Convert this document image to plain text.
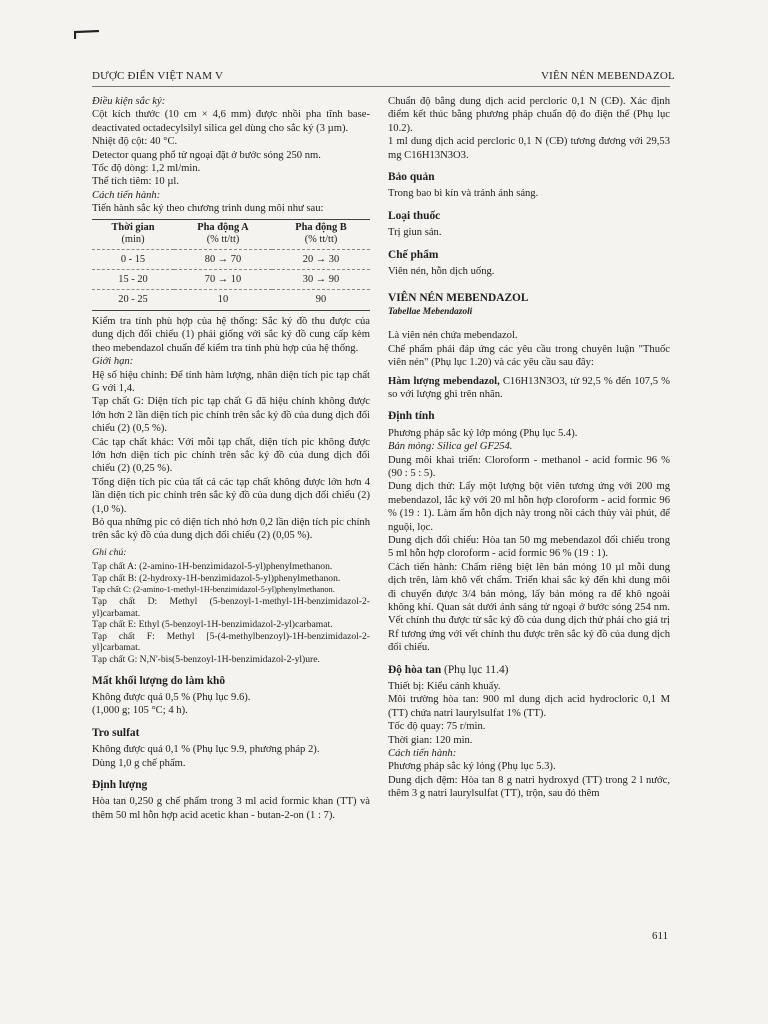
DƯỢC ĐIỂN VIỆT NAM V	VIÊN NÉN MEBENDAZOL

Điều kiện sắc ký:

Cột kích thước (10 cm × 4,6 mm) được nhồi pha tĩnh base-deactivated octadecylsilyl silica gel dùng cho sắc ký (3 µm).

Nhiệt độ cột: 40 °C.

Detector quang phổ tử ngoại đặt ở bước sóng 250 nm.

Tốc độ dòng: 1,2 ml/min.

Thể tích tiêm: 10 µl.

Cách tiến hành:

Tiến hành sắc ký theo chương trình dung môi như sau:

Thời gian	Pha động A	Pha động B
(min)	(% tt/tt)	(% tt/tt)
0 - 15	80 → 70	20 → 30
15 - 20	70 → 10	30 → 90
20 - 25	10	90

Kiểm tra tính phù hợp của hệ thống: Sắc ký đồ thu được của dung dịch đối chiếu (1) phải giống với sắc ký đồ cung cấp kèm theo mebendazol chuẩn để kiểm tra tính phù hợp của hệ thống.

Giới hạn:

Hệ số hiệu chỉnh: Để tính hàm lượng, nhân diện tích pic tạp chất G với 1,4.

Tạp chất G: Diện tích pic tạp chất G đã hiệu chỉnh không được lớn hơn 2 lần diện tích pic chính trên sắc ký đồ của dung dịch đối chiếu (2) (0,5 %).

Các tạp chất khác: Với mỗi tạp chất, diện tích pic không được lớn hơn diện tích pic chính trên sắc ký đồ của dung dịch đối chiếu (2) (0,25 %).

Tổng diện tích pic của tất cả các tạp chất không được lớn hơn 4 lần diện tích pic chính trên sắc ký đồ của dung dịch đối chiếu (2) (1,0 %).

Bỏ qua những pic có diện tích nhỏ hơn 0,2 lần diện tích pic chính trên sắc ký đồ của dung dịch đối chiếu (2) (0,05 %).

Ghi chú:

Tạp chất A: (2-amino-1H-benzimidazol-5-yl)phenylmethanon.

Tạp chất B: (2-hydroxy-1H-benzimidazol-5-yl)phenylmethanon.

Tạp chất C: (2-amino-1-methyl-1H-benzimidazol-5-yl)phenylmethanon.

Tạp chất D: Methyl (5-benzoyl-1-methyl-1H-benzimidazol-2-yl)carbamat.

Tạp chất E: Ethyl (5-benzoyl-1H-benzimidazol-2-yl)carbamat.

Tạp chất F: Methyl [5-(4-methylbenzoyl)-1H-benzimidazol-2-yl]carbamat.

Tạp chất G: N,N'-bis(5-benzoyl-1H-benzimidazol-2-yl)ure.

Mất khối lượng do làm khô

Không được quá 0,5 % (Phụ lục 9.6).

(1,000 g; 105 °C; 4 h).

Tro sulfat

Không được quá 0,1 % (Phụ lục 9.9, phương pháp 2).

Dùng 1,0 g chế phẩm.

Định lượng

Hòa tan 0,250 g chế phẩm trong 3 ml acid formic khan (TT) và thêm 50 ml hỗn hợp acid acetic khan - butan-2-on (1 : 7).

Chuẩn độ bằng dung dịch acid percloric 0,1 N (CĐ). Xác định điểm kết thúc bằng phương pháp chuẩn độ đo điện thế (Phụ lục 10.2).

1 ml dung dịch acid percloric 0,1 N (CĐ) tương đương với 29,53 mg C16H13N3O3.

Bảo quản

Trong bao bì kín và tránh ánh sáng.

Loại thuốc

Trị giun sán.

Chế phẩm

Viên nén, hỗn dịch uống.

VIÊN NÉN MEBENDAZOL

Tabellae Mebendazoli

Là viên nén chứa mebendazol.

Chế phẩm phải đáp ứng các yêu cầu trong chuyên luận "Thuốc viên nén" (Phụ lục 1.20) và các yêu cầu sau đây:

Hàm lượng mebendazol, C16H13N3O3, từ 92,5 % đến 107,5 % so với lượng ghi trên nhãn.

Định tính

Phương pháp sắc ký lớp mỏng (Phụ lục 5.4).

Bản mỏng: Silica gel GF254.

Dung môi khai triển: Cloroform - methanol - acid formic 96 % (90 : 5 : 5).

Dung dịch thử: Lấy một lượng bột viên tương ứng với 200 mg mebendazol, lắc kỹ với 20 ml hỗn hợp cloroform - acid formic 96 % (19 : 1). Làm ấm hỗn dịch này trong nồi cách thủy vài phút, để nguội, lọc.

Dung dịch đối chiếu: Hòa tan 50 mg mebendazol đối chiếu trong 5 ml hỗn hợp cloroform - acid formic 96 % (19 : 1).

Cách tiến hành: Chấm riêng biệt lên bản mỏng 10 µl mỗi dung dịch trên, làm khô vết chấm. Triển khai sắc ký đến khi dung môi đi chuyển được 3/4 bản mỏng, lấy bản mỏng ra để khô ngoài không khí. Quan sát dưới ánh sáng tử ngoại ở bước sóng 254 nm. Vết chính thu được từ sắc ký đồ của dung dịch thử phải cho giá trị Rf tương ứng với vết chính thu được trên sắc ký đồ của dung dịch đối chiếu.

Độ hòa tan (Phụ lục 11.4)

Thiết bị: Kiểu cánh khuấy.

Môi trường hòa tan: 900 ml dung dịch acid hydrocloric 0,1 M (TT) chứa natri laurylsulfat 1% (TT).

Tốc độ quay: 75 r/min.

Thời gian: 120 min.

Cách tiến hành:

Phương pháp sắc ký lỏng (Phụ lục 5.3).

Dung dịch đệm: Hòa tan 8 g natri hydroxyd (TT) trong 2 l nước, thêm 3 g natri laurylsulfat (TT), trộn, sau đó thêm

611
